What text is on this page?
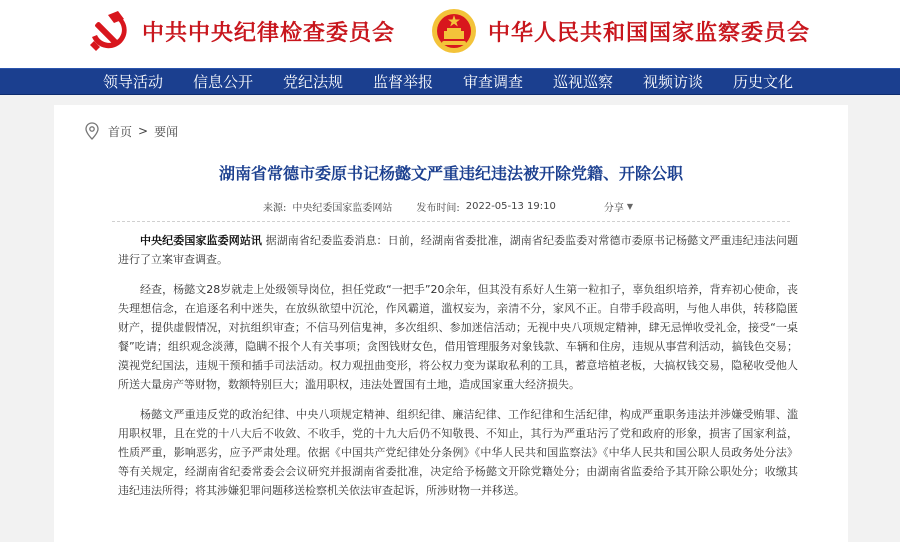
中共中央纪律检查委员会	中华人民共和国国家监察委员会
领导活动 信息公开 党纪法规 监督举报 审查调查 巡视巡察 视频访谈 历史文化
首页 > 要闻
湖南省常德市委原书记杨懿文严重违纪违法被开除党籍、开除公职
来源: 中央纪委国家监委网站 发布时间: 2022-05-13 19:10	分享 ▼

中央纪委国家监委网站讯 据湖南省纪委监委消息：日前，经湖南省委批准，湖南省纪委监委对常德市委原书记杨懿文严重违纪违法问题进行了立案审查调查。

经查，杨懿文28岁就走上处级领导岗位，担任党政“一把手”20余年，但其没有系好人生第一粒扣子，辜负组织培养，背弃初心使命，丧失理想信念，在追逐名利中迷失，在放纵欲望中沉沦，作风霸道，滥权妄为，亲清不分，家风不正。自带手段高明，与他人串供，转移隐匿财产，提供虚假情况，对抗组织审查；不信马列信鬼神，多次组织、参加迷信活动；无视中央八项规定精神，肆无忌惮收受礼金，接受“一桌餐”吃请；组织观念淡薄，隐瞒不报个人有关事项；贪图钱财女色，借用管理服务对象钱款、车辆和住房，违规从事营利活动，搞钱色交易；漠视党纪国法，违规干预和插手司法活动。权力观扭曲变形，将公权力变为谋取私利的工具，蓄意培植老板，大搞权钱交易，隐秘收受他人所送大量房产等财物，数额特别巨大；滥用职权，违法处置国有土地，造成国家重大经济损失。

杨懿文严重违反党的政治纪律、中央八项规定精神、组织纪律、廉洁纪律、工作纪律和生活纪律，构成严重职务违法并涉嫌受贿罪、滥用职权罪，且在党的十八大后不收敛、不收手，党的十九大后仍不知敬畏、不知止，其行为严重玷污了党和政府的形象，损害了国家利益，性质严重，影响恶劣，应予严肃处理。依据《中国共产党纪律处分条例》《中华人民共和国监察法》《中华人民共和国公职人员政务处分法》等有关规定，经湖南省纪委常委会会议研究并报湖南省委批准，决定给予杨懿文开除党籍处分；由湖南省监委给予其开除公职处分；收缴其违纪违法所得；将其涉嫌犯罪问题移送检察机关依法审查起诉，所涉财物一并移送。
